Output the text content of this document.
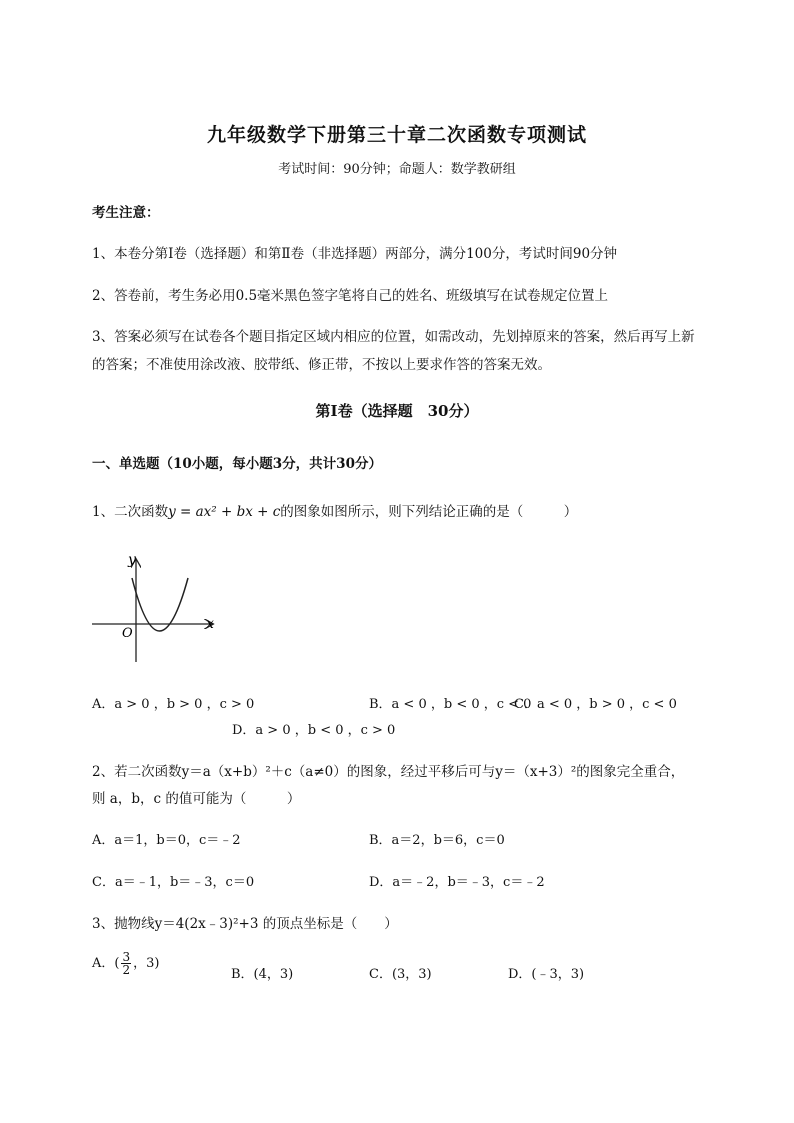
九年级数学下册第三十章二次函数专项测试
考试时间：90分钟；命题人：数学教研组
考生注意：
1、本卷分第Ⅰ卷（选择题）和第Ⅱ卷（非选择题）两部分，满分100分，考试时间90分钟
2、答卷前，考生务必用0.5毫米黑色签字笔将自己的姓名、班级填写在试卷规定位置上
3、答案必须写在试卷各个题目指定区域内相应的位置，如需改动，先划掉原来的答案，然后再写上新
的答案；不准使用涂改液、胶带纸、修正带，不按以上要求作答的答案无效。
第Ⅰ卷（选择题　30分）
一、单选题（10小题，每小题3分，共计30分）
1、二次函数y = ax² + bx + c的图象如图所示，则下列结论正确的是（　　　）
y
x
O
A．a > 0 ，b > 0 ，c > 0	B．a < 0 ，b < 0 ，c < 0
C．a < 0 ，b > 0 ，c < 0
D．a > 0 ，b < 0 ，c > 0
2、若二次函数y＝a（x+b）²＋c（a≠0）的图象，经过平移后可与y＝（x+3）²的图象完全重合，
则 a，b，c 的值可能为（　　　）
A．a＝1，b＝0，c＝﹣2	B．a＝2，b＝6，c＝0
C．a＝﹣1，b＝﹣3，c＝0	D．a＝﹣2，b＝﹣3，c＝﹣2
3、抛物线y＝4(2x﹣3)²+3 的顶点坐标是（　　）
A．( $\frac{3}{2}$ ，3)
B．(4，3)	C．(3，3)	D．(﹣3，3)
